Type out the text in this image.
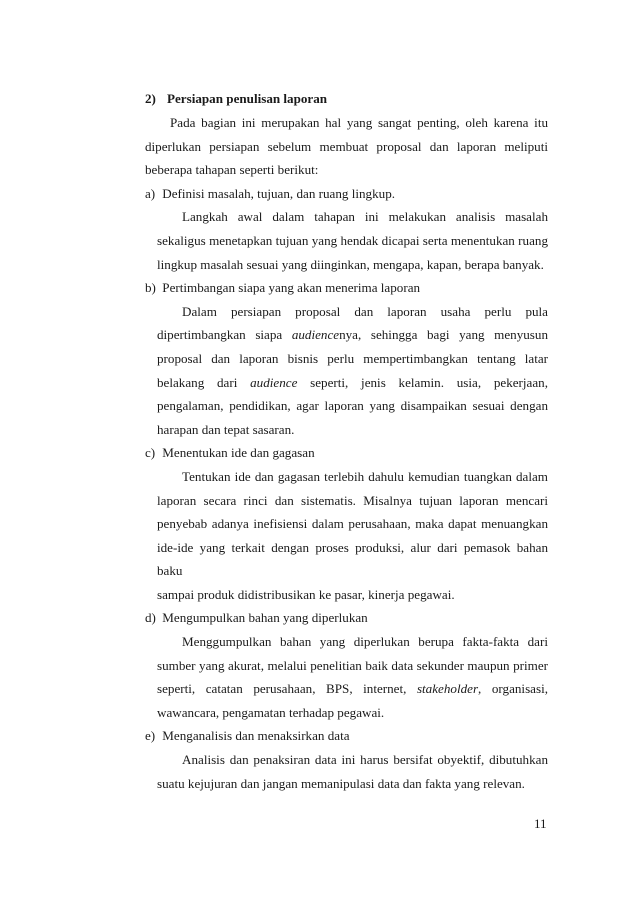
2) Persiapan penulisan laporan
Pada bagian ini merupakan hal yang sangat penting, oleh karena itu
diperlukan persiapan sebelum membuat proposal dan laporan meliputi
beberapa tahapan seperti berikut:
a) Definisi masalah, tujuan, dan ruang lingkup.
Langkah awal dalam tahapan ini melakukan analisis masalah
sekaligus menetapkan tujuan yang hendak dicapai serta menentukan ruang
lingkup masalah sesuai yang diinginkan, mengapa, kapan, berapa banyak.
b) Pertimbangan siapa yang akan menerima laporan
Dalam persiapan proposal dan laporan usaha perlu pula
dipertimbangkan siapa audiencenya, sehingga bagi yang menyusun
proposal dan laporan bisnis perlu mempertimbangkan tentang latar
belakang dari audience seperti, jenis kelamin. usia, pekerjaan,
pengalaman, pendidikan, agar laporan yang disampaikan sesuai dengan
harapan dan tepat sasaran.
c) Menentukan ide dan gagasan
Tentukan ide dan gagasan terlebih dahulu kemudian tuangkan dalam
laporan secara rinci dan sistematis. Misalnya tujuan laporan mencari
penyebab adanya inefisiensi dalam perusahaan, maka dapat menuangkan
ide-ide yang terkait dengan proses produksi, alur dari pemasok bahan baku
sampai produk didistribusikan ke pasar, kinerja pegawai.
d) Mengumpulkan bahan yang diperlukan
Menggumpulkan bahan yang diperlukan berupa fakta-fakta dari
sumber yang akurat, melalui penelitian baik data sekunder maupun primer
seperti, catatan perusahaan, BPS, internet, stakeholder, organisasi,
wawancara, pengamatan terhadap pegawai.
e) Menganalisis dan menaksirkan data
Analisis dan penaksiran data ini harus bersifat obyektif, dibutuhkan
suatu kejujuran dan jangan memanipulasi data dan fakta yang relevan.
11
